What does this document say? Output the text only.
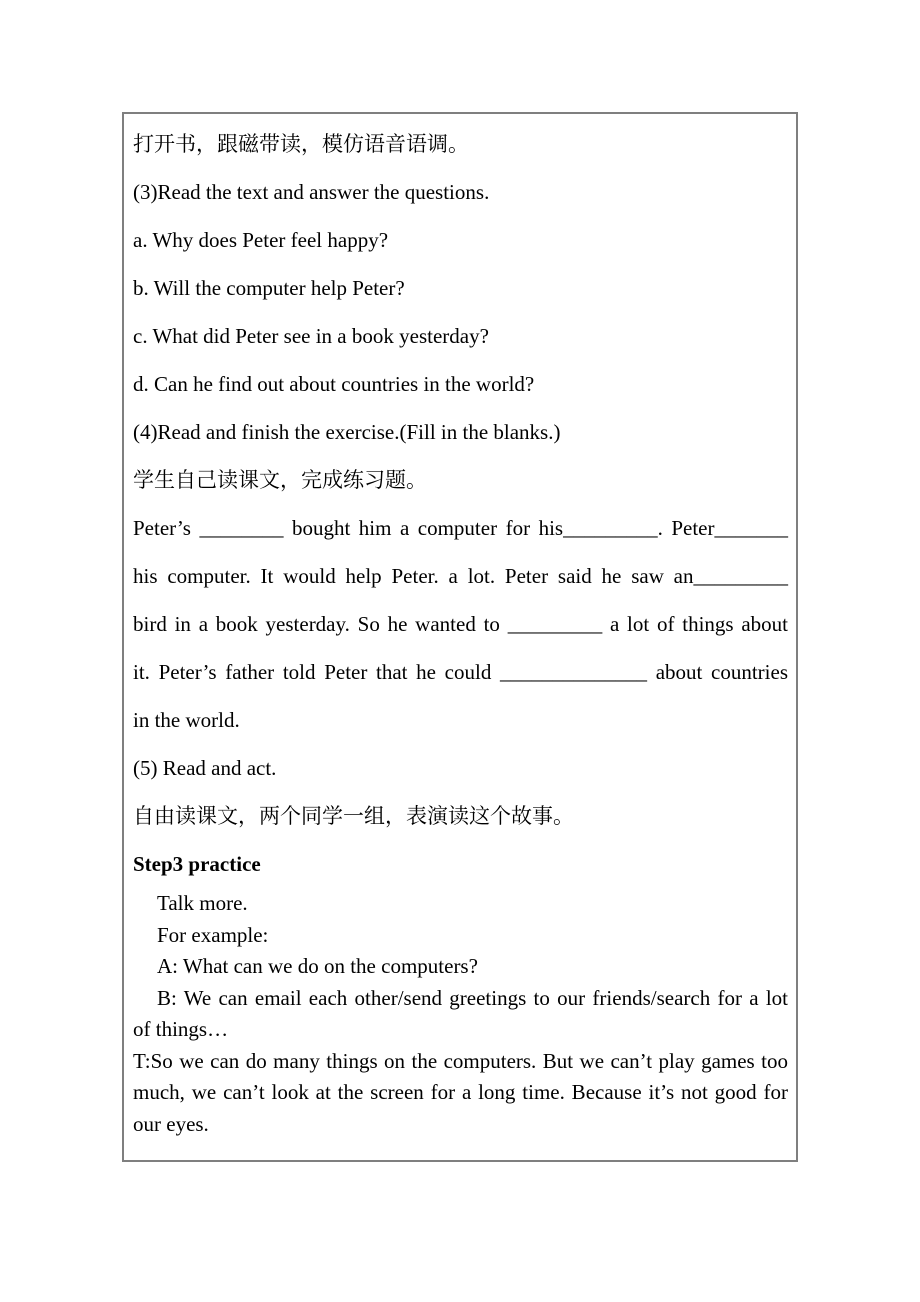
打开书，跟磁带读，模仿语音语调。
(3)Read the text and answer the questions.
a. Why does Peter feel happy?
b. Will the computer help Peter?
c. What did Peter see in a book yesterday?
d. Can he find out about countries in the world?
(4)Read and finish the exercise.(Fill in the blanks.)
学生自己读课文，完成练习题。
Peter’s ________ bought him a computer for his_________. Peter_______
his computer. It would help Peter. a lot. Peter said he saw an_________
bird in a book yesterday. So he wanted to _________ a lot of things about
it. Peter’s father told Peter that he could ______________ about countries
in the world.
(5) Read and act.
自由读课文，两个同学一组，表演读这个故事。
Step3 practice
Talk more.
For example:
A: What can we do on the computers?
B: We can email each other/send greetings to our friends/search for a lot
of things…
T:So we can do many things on the computers. But we can’t play games too
much, we can’t look at the screen for a long time. Because it’s not good for
our eyes.
